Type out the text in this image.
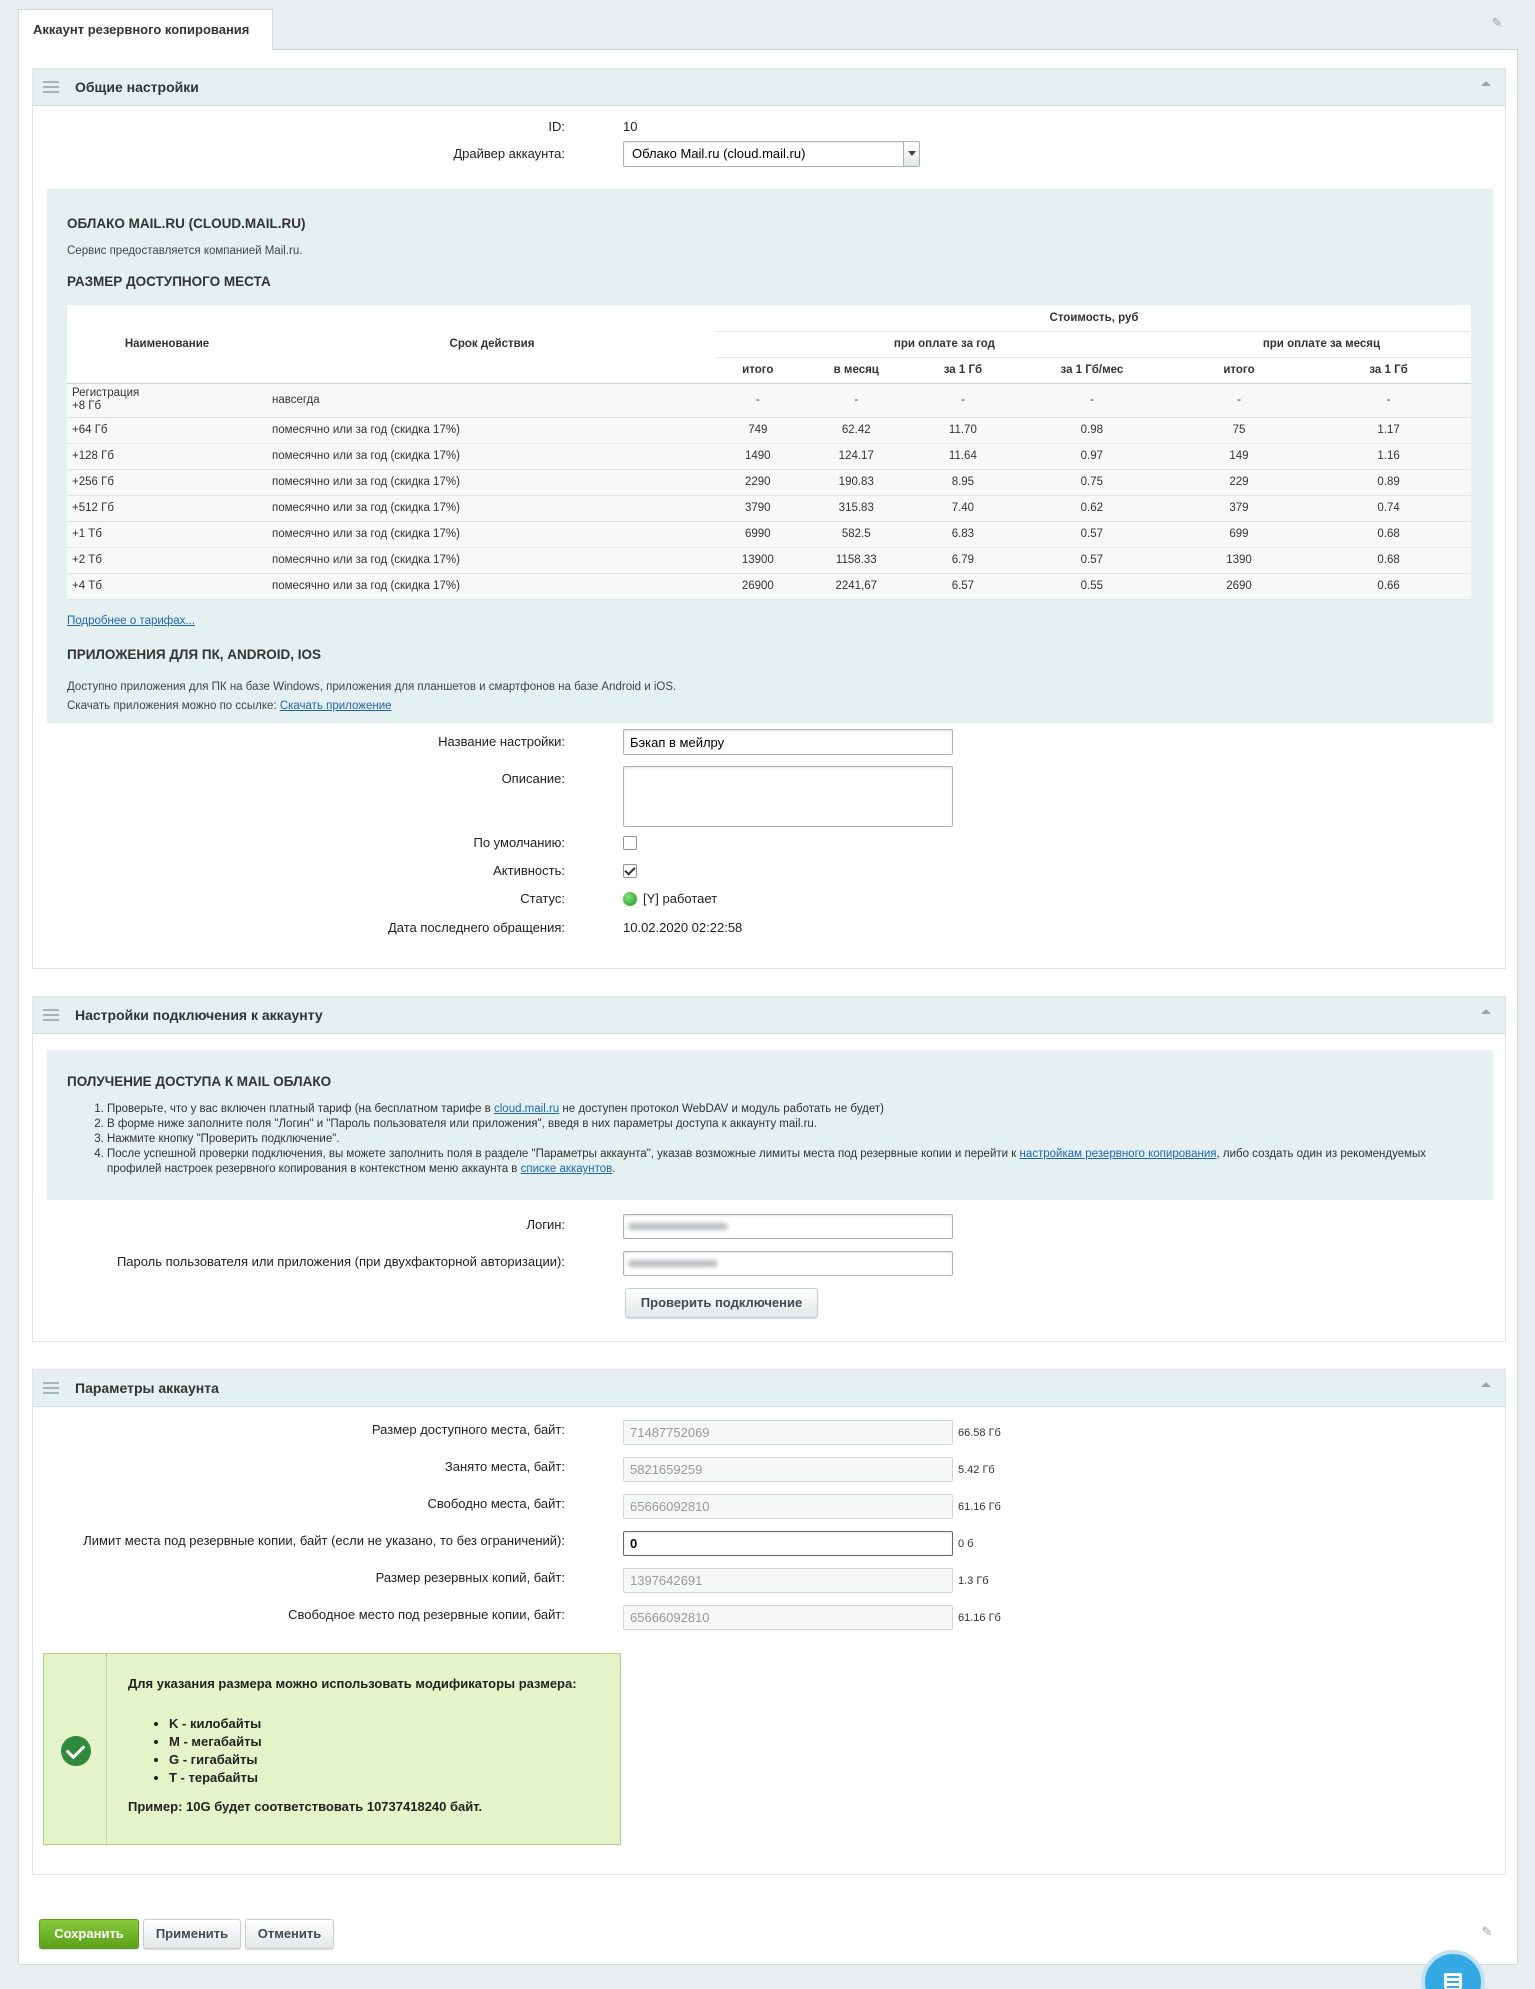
Аккаунт резервного копирования	✎
Общие настройки
ID:	10
Драйвер аккаунта:	Облако Mail.ru (cloud.mail.ru)
ОБЛАКО MAIL.RU (CLOUD.MAIL.RU)
Сервис предоставляется компанией Mail.ru.
РАЗМЕР ДОСТУПНОГО МЕСТА
Наименование	Срок действия	Стоимость, руб					
		при оплате за год				при оплате за месяц	
		итого	в месяц	за 1 Гб	за 1 Гб/мес	итого	за 1 Гб
Регистрация
+8 Гб	навсегда	-	-	-	-	-	-
+64 Гб	помесячно или за год (скидка 17%)	749	62.42	11.70	0.98	75	1.17
+128 Гб	помесячно или за год (скидка 17%)	1490	124.17	11.64	0.97	149	1.16
+256 Гб	помесячно или за год (скидка 17%)	2290	190.83	8.95	0.75	229	0.89
+512 Гб	помесячно или за год (скидка 17%)	3790	315.83	7.40	0.62	379	0.74
+1 Тб	помесячно или за год (скидка 17%)	6990	582.5	6.83	0.57	699	0.68
+2 Тб	помесячно или за год (скидка 17%)	13900	1158.33	6.79	0.57	1390	0.68
+4 Тб	помесячно или за год (скидка 17%)	26900	2241,67	6.57	0.55	2690	0.66
Подробнее о тарифах...
ПРИЛОЖЕНИЯ ДЛЯ ПК, ANDROID, IOS
Доступно приложения для ПК на базе Windows, приложения для планшетов и смартфонов на базе Android и iOS.
Скачать приложения можно по ссылке: Скачать приложение
Название настройки:
Бэкап в мейлру
Описание:
По умолчанию:
Активность:
Статус:	[Y] работает
Дата последнего обращения:	10.02.2020 02:22:58
Настройки подключения к аккаунту
ПОЛУЧЕНИЕ ДОСТУПА К MAIL ОБЛАКО
1. Проверьте, что у вас включен платный тариф (на бесплатном тарифе в cloud.mail.ru не доступен протокол WebDAV и модуль работать не будет)
2. В форме ниже заполните поля "Логин" и "Пароль пользователя или приложения", введя в них параметры доступа к аккаунту mail.ru.
3. Нажмите кнопку "Проверить подключение".
4. После успешной проверки подключения, вы можете заполнить поля в разделе "Параметры аккаунта", указав возможные лимиты места под резервные копии и перейти к настройкам резервного копирования, либо создать один из рекомендуемых профилей настроек резервного копирования в контекстном меню аккаунта в списке аккаунтов.
Логин:
Пароль пользователя или приложения (при двухфакторной авторизации):
Проверить подключение
Параметры аккаунта
Размер доступного места, байт:
71487752069	66.58 Гб
Занято места, байт:
5821659259	5.42 Гб
Свободно места, байт:
65666092810	61.16 Гб
Лимит места под резервные копии, байт (если не указано, то без ограничений):
0	0 б
Размер резервных копий, байт:
1397642691	1.3 Гб
Свободное место под резервные копии, байт:
65666092810	61.16 Гб
Для указания размера можно использовать модификаторы размера:
• K - килобайты
• M - мегабайты
• G - гигабайты
• T - терабайты
Пример: 10G будет соответствовать 10737418240 байт.
Сохранить	Применить	Отменить	✎
